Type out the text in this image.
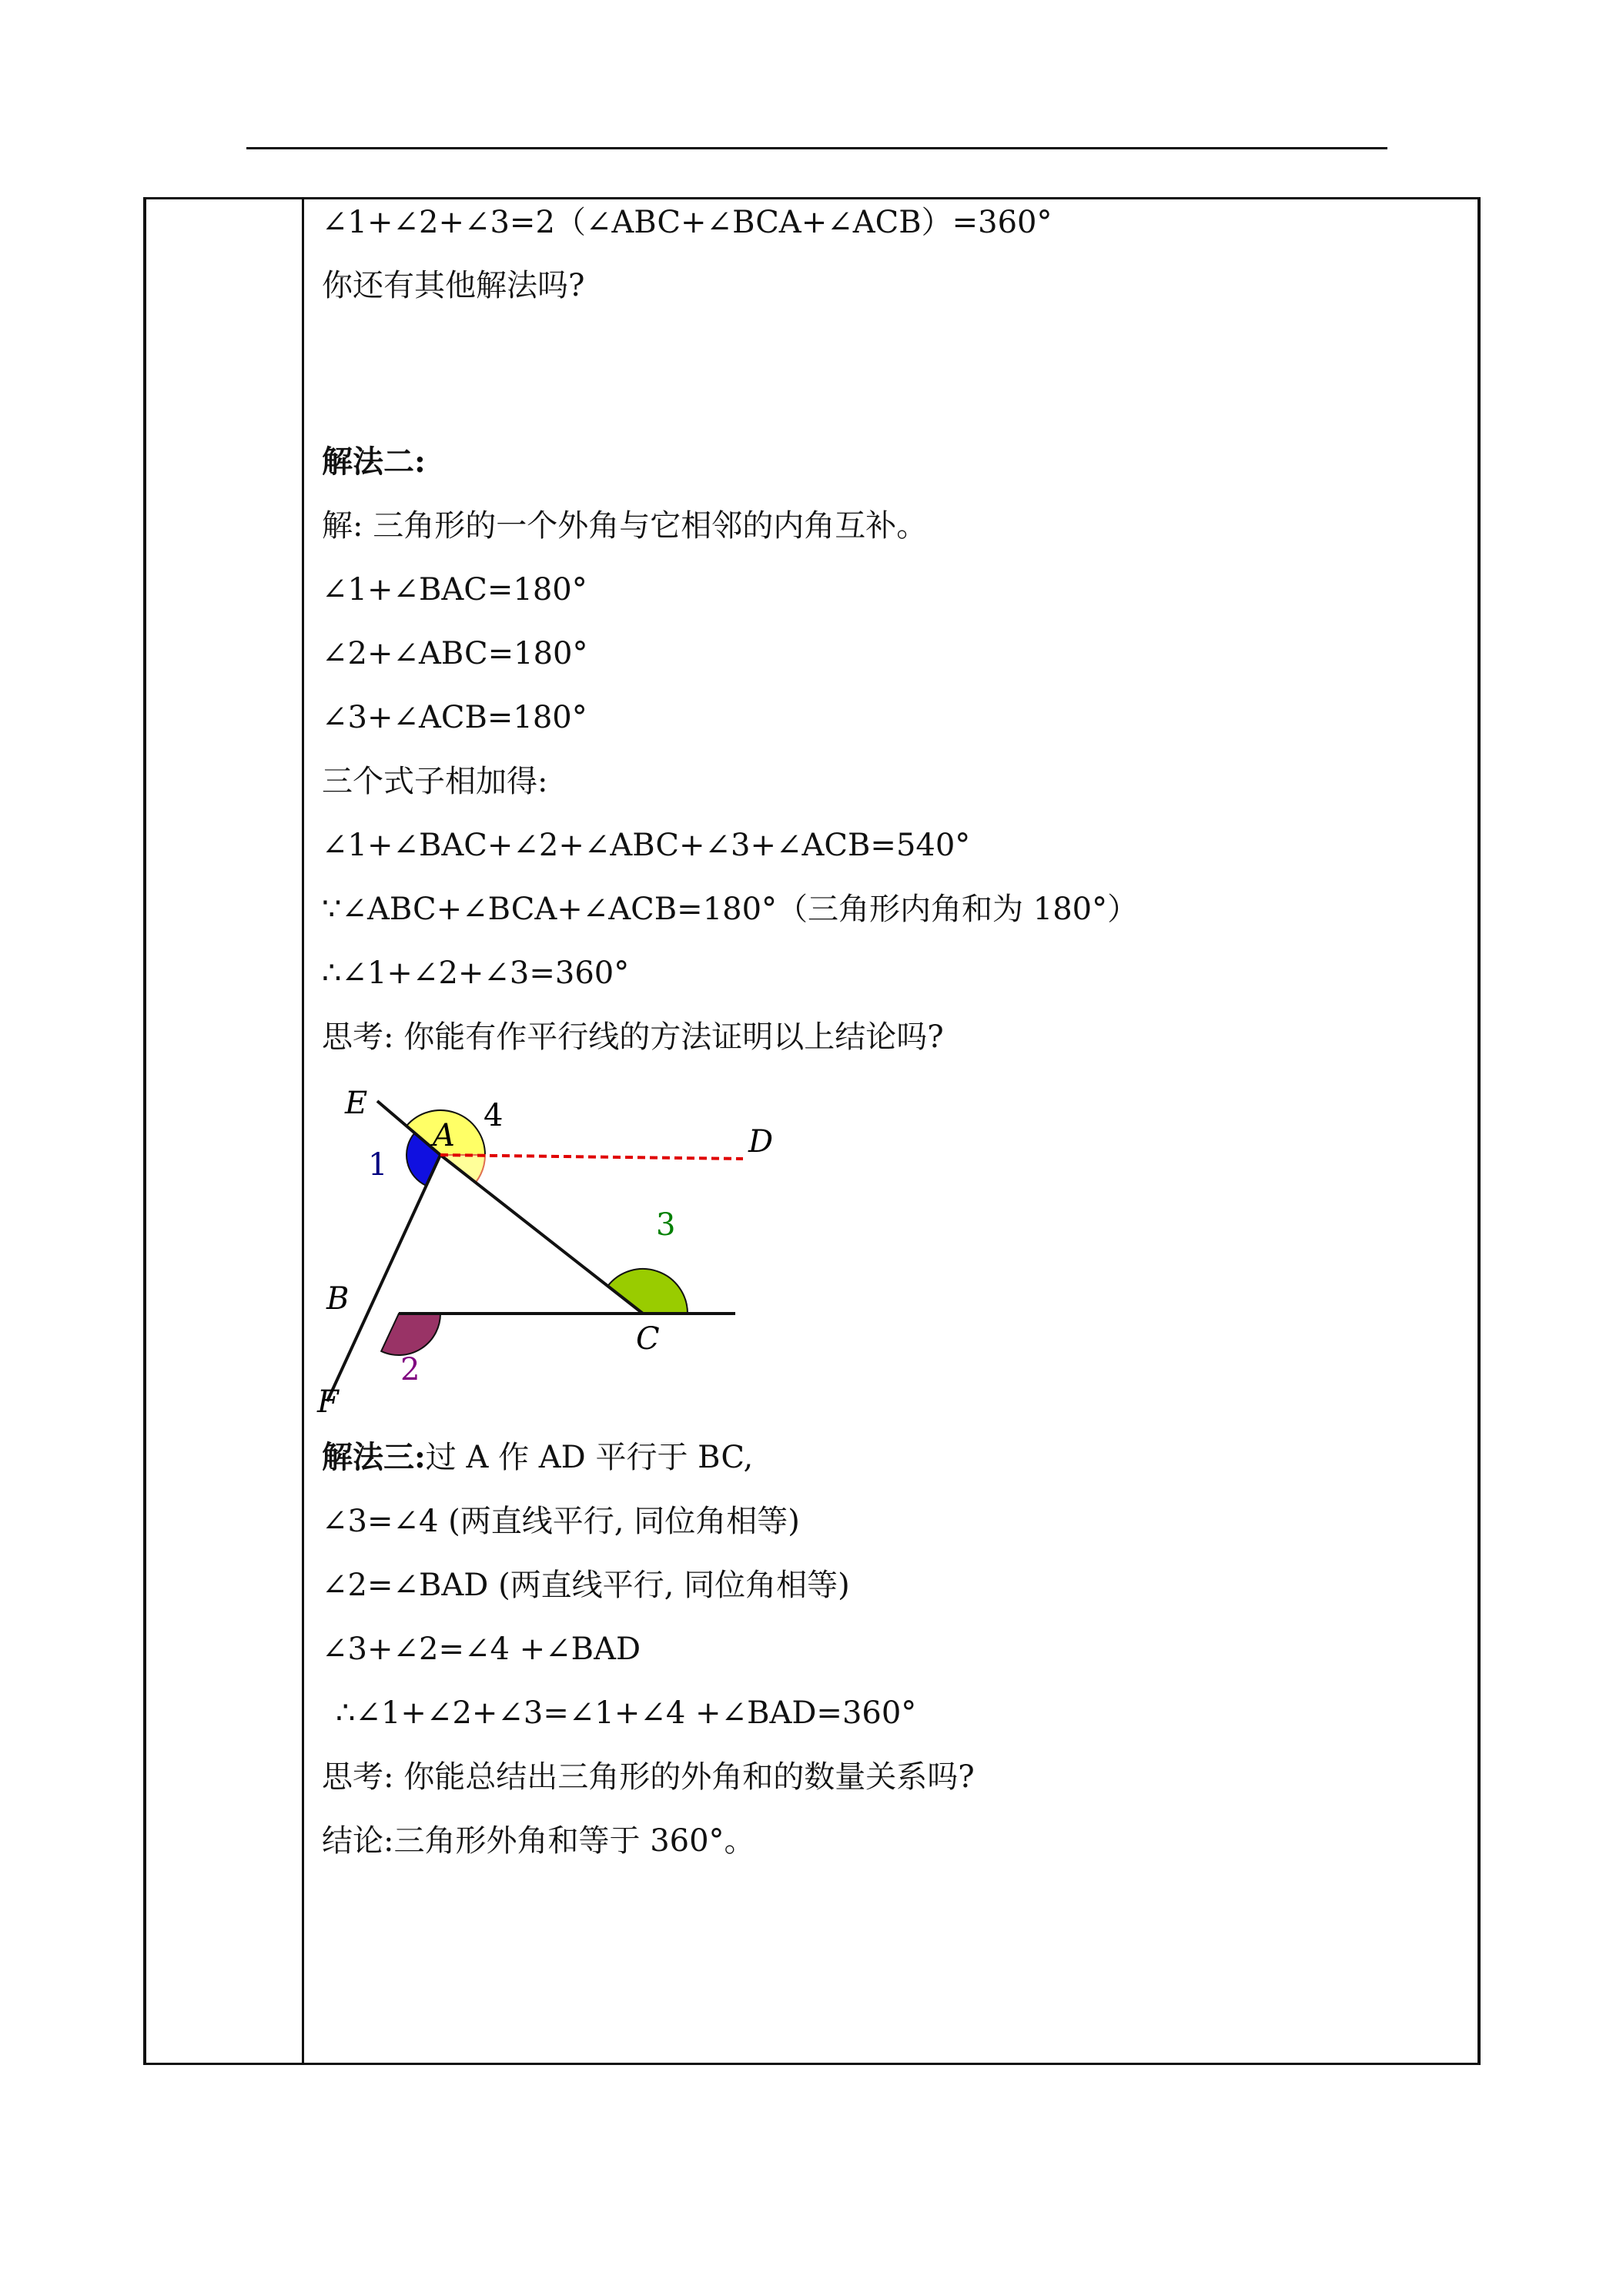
∠1+∠2+∠3=2（∠ABC+∠BCA+∠ACB）=360°
你还有其他解法吗?
解法二:
解: 三角形的一个外角与它相邻的内角互补。
∠1+∠BAC=180°
∠2+∠ABC=180°
∠3+∠ACB=180°
三个式子相加得:
∠1+∠BAC+∠2+∠ABC+∠3+∠ACB=540°
∵∠ABC+∠BCA+∠ACB=180°（三角形内角和为 180°）
∴∠1+∠2+∠3=360°
思考: 你能有作平行线的方法证明以上结论吗?
E
A
4
D
1
3
B
C
2
F
解法三:过 A 作 AD 平行于 BC,
∠3=∠4 (两直线平行, 同位角相等)
∠2=∠BAD (两直线平行, 同位角相等)
∠3+∠2=∠4 +∠BAD
∴∠1+∠2+∠3=∠1+∠4 +∠BAD=360°
思考: 你能总结出三角形的外角和的数量关系吗?
结论:三角形外角和等于 360°。
